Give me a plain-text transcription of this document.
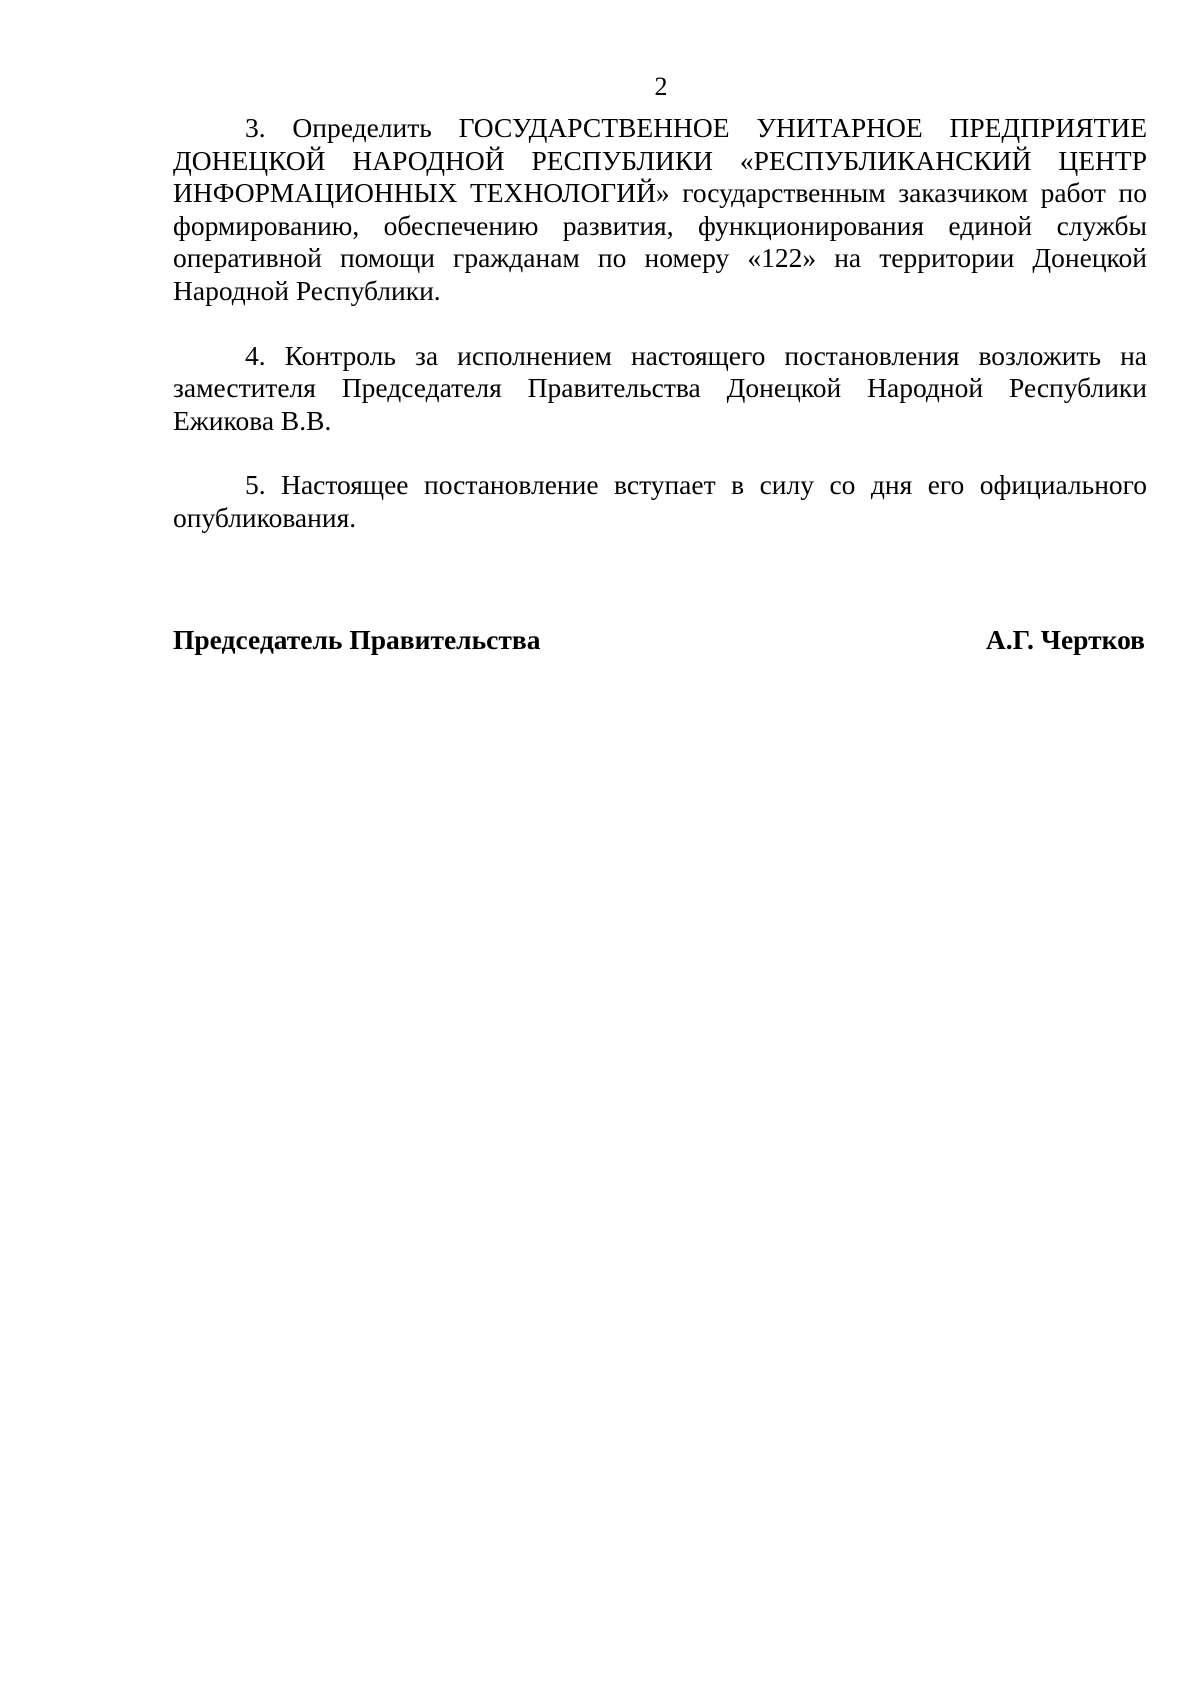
2

3. Определить ГОСУДАРСТВЕННОЕ УНИТАРНОЕ ПРЕДПРИЯТИЕ ДОНЕЦКОЙ НАРОДНОЙ РЕСПУБЛИКИ «РЕСПУБЛИКАНСКИЙ ЦЕНТР ИНФОРМАЦИОННЫХ ТЕХНОЛОГИЙ» государственным заказчиком работ по формированию, обеспечению развития, функционирования единой службы оперативной помощи гражданам по номеру «122» на территории Донецкой Народной Республики.

4. Контроль за исполнением настоящего постановления возложить на заместителя Председателя Правительства Донецкой Народной Республики Ежикова В.В.

5. Настоящее постановление вступает в силу со дня его официального опубликования.

Председатель Правительства	А.Г. Чертков
